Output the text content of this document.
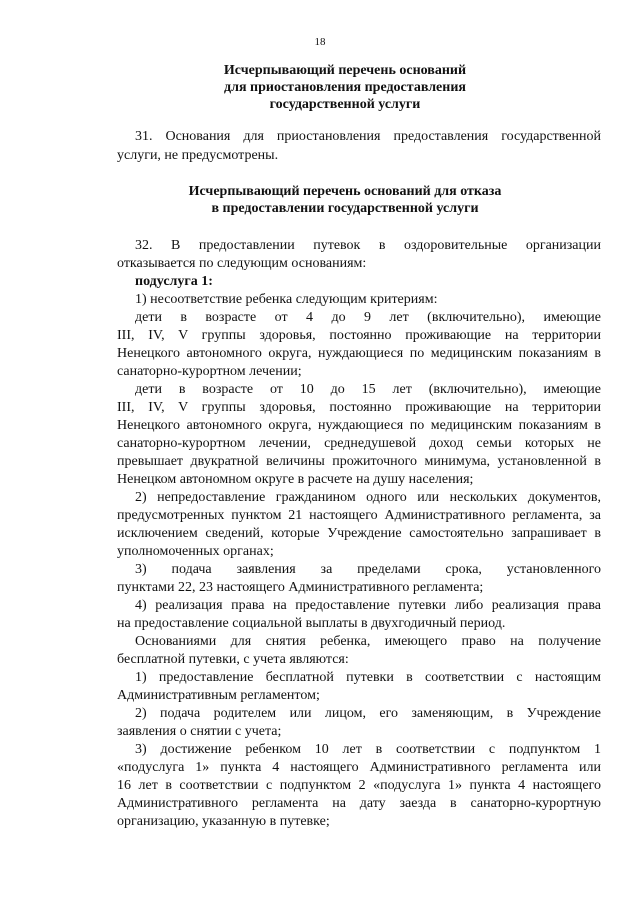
18
Исчерпывающий перечень оснований
для приостановления предоставления
государственной услуги
Исчерпывающий перечень оснований для отказа
в предоставлении государственной услуги
31. Основания для приостановления предоставления государственной
услуги, не предусмотрены.
32. В предоставлении путевок в оздоровительные организации
отказывается по следующим основаниям:
подуслуга 1:
1) несоответствие ребенка следующим критериям:
дети в возрасте от 4 до 9 лет (включительно), имеющие
III, IV, V группы здоровья, постоянно проживающие на территории
Ненецкого автономного округа, нуждающиеся по медицинским показаниям в
санаторно-курортном лечении;
дети в возрасте от 10 до 15 лет (включительно), имеющие
III, IV, V группы здоровья, постоянно проживающие на территории
Ненецкого автономного округа, нуждающиеся по медицинским показаниям в
санаторно-курортном лечении, среднедушевой доход семьи которых не
превышает двукратной величины прожиточного минимума, установленной в
Ненецком автономном округе в расчете на душу населения;
2) непредоставление гражданином одного или нескольких документов,
предусмотренных пунктом 21 настоящего Административного регламента, за
исключением сведений, которые Учреждение самостоятельно запрашивает в
уполномоченных органах;
3) подача заявления за пределами срока, установленного
пунктами 22, 23 настоящего Административного регламента;
4) реализация права на предоставление путевки либо реализация права
на предоставление социальной выплаты в двухгодичный период.
Основаниями для снятия ребенка, имеющего право на получение
бесплатной путевки, с учета являются:
1) предоставление бесплатной путевки в соответствии с настоящим
Административным регламентом;
2) подача родителем или лицом, его заменяющим, в Учреждение
заявления о снятии с учета;
3) достижение ребенком 10 лет в соответствии с подпунктом 1
«подуслуга 1» пункта 4 настоящего Административного регламента или
16 лет в соответствии с подпунктом 2 «подуслуга 1» пункта 4 настоящего
Административного регламента на дату заезда в санаторно-курортную
организацию, указанную в путевке;
